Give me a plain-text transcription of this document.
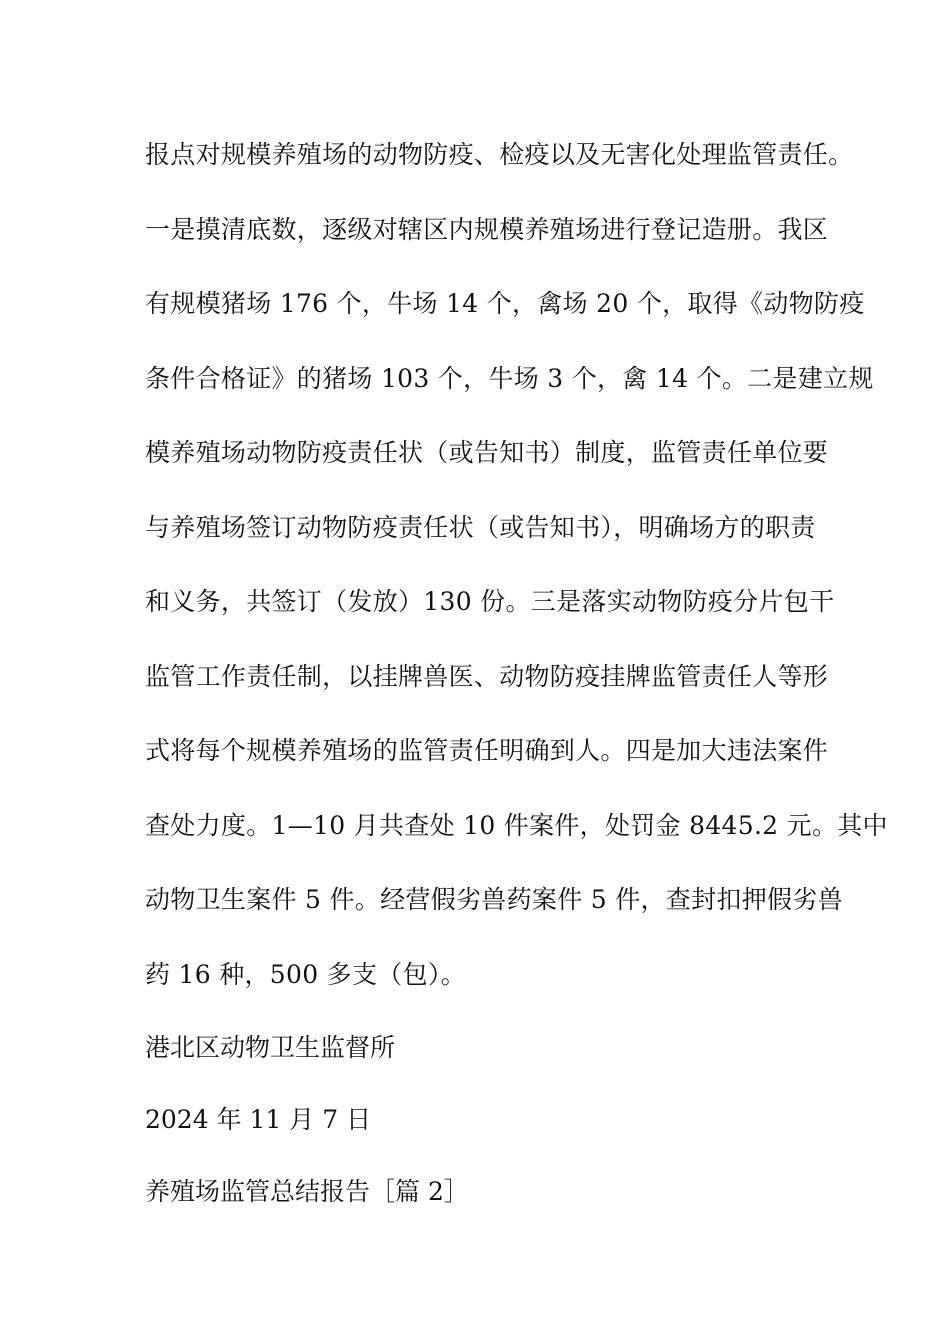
报点对规模养殖场的动物防疫、检疫以及无害化处理监管责任。
一是摸清底数，逐级对辖区内规模养殖场进行登记造册。我区
有规模猪场 176 个，牛场 14 个，禽场 20 个，取得《动物防疫
条件合格证》的猪场 103 个，牛场 3 个，禽 14 个。二是建立规
模养殖场动物防疫责任状（或告知书）制度，监管责任单位要
与养殖场签订动物防疫责任状（或告知书），明确场方的职责
和义务，共签订（发放）130 份。三是落实动物防疫分片包干
监管工作责任制，以挂牌兽医、动物防疫挂牌监管责任人等形
式将每个规模养殖场的监管责任明确到人。四是加大违法案件
查处力度。1—10 月共查处 10 件案件，处罚金 8445.2 元。其中
动物卫生案件 5 件。经营假劣兽药案件 5 件，查封扣押假劣兽
药 16 种，500 多支（包）。
港北区动物卫生监督所
2024 年 11 月 7 日
养殖场监管总结报告［篇 2］
